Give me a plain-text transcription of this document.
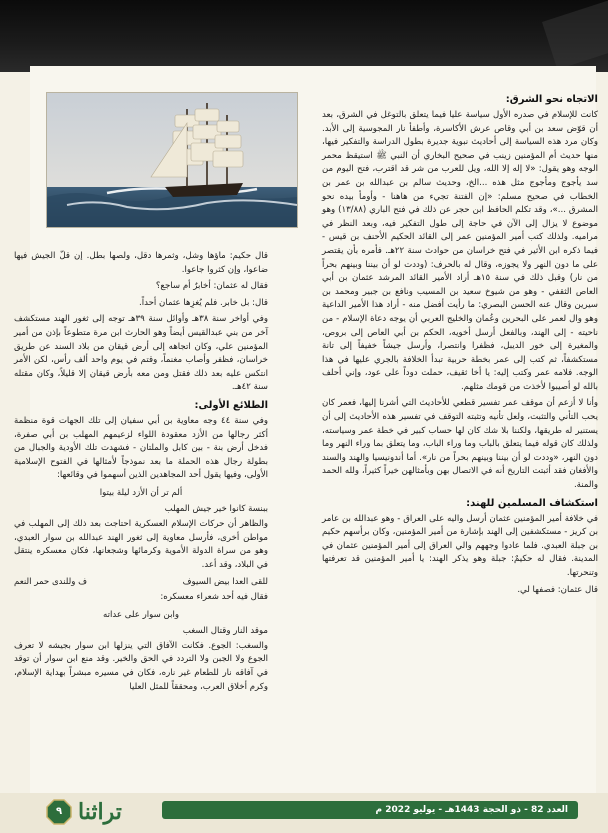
الاتجاه نحو الشرق:

كانت للإسلام في صدره الأول سياسة عليا فيما يتعلق بالتوغل في الشرق، بعد أن قوّض سعد بن أبي وقاص عرش الأكاسرة، وأطفأ نار المجوسية إلى الأبد. وكان مرد هذه السياسة إلى أحاديث نبوية جديرة بطول الدراسة والتفكير فيها، منها حديث أم المؤمنين زينب في صحيح البخاري أن النبي ﷺ استيقظ محمر الوجه وهو يقول: «لا إله إلا الله، ويل للعرب من شر قد اقترب، فتح اليوم من سد يأجوج ومأجوج مثل هذه ...الخ، وحديث سالم بن عبدالله بن عمر بن الخطاب في صحيح مسلم: «إن الفتنة تجيء من هاهنا - وأومأ بيده نحو المشرق ...»، وقد تكلم الحافظ ابن حجر عن ذلك في فتح الباري (١٣/٨٨) وهو موضوع لا يزال إلى الآن في حاجة إلى طول التفكير فيه، وبعد النظر في مراميه. ولذلك كتب أمير المؤمنين عمر إلى القائد الحكيم الأحنف بن قيس - فيما ذكره ابن الأثير في فتح خراسان من حوادث سنة ٢٢هـ. فأمره بأن يقتصر على ما دون النهر ولا يجوزه، وقال له بالحرف: (وددت لو أن بيننا وبينهم بحراً من نار) وقبل ذلك في سنة ١٥هـ أراد الأمير القائد المرشد عثمان بن أبي العاص الثقفي - وهو من شيوخ سعيد بن المسيب ونافع بن جبير ومحمد بن سيرين وقال عنه الحسن البصري: ما رأيت أفضل منه - أراد هذا الأمير الداعية وهو وال لعمر على البحرين وعُمان والخليج العربي أن يوجه دعاة الإسلام - من ناحيته - إلى الهند، وبالفعل أرسل أخويه، الحكم بن أبي العاص إلى بروص، والمغيرة إلى خور الديبل، فظفرا وانتصرا، وأرسل جيشاً خفيفاً إلى تانة مستكشفاً، ثم كتب إلى عمر بخطة حربية تبدأ الخلافة بالجري عليها في هذا الوجه. فلامه عمر وكتب إليه: يا أخا ثقيف، حملت دوداً على عود، وإني أحلف بالله لو أصيبوا لأخذت من قومك مثلهم.

وأنا لا أزعم أن موقف عمر تفسير قطعي للأحاديث التي أشرنا إليها، فعمر كان يحب التأني والتثبت، ولعل تأنيه وتثبته التوقف في تفسير هذه الأحاديث إلى أن يستنير له طريقها، ولكننا بلا شك كان لها حساب كبير في خطة عمر وسياسته، ولذلك كان قوله فيما يتعلق بالباب وما وراء الباب، وما يتعلق بما وراء النهر وما دون النهر، «وددت لو أن بيننا وبينهم بحراً من نار». أما أندونيسيا والهند والسند والأفغان فقد أثبتت التاريخ أنه في الاتصال بهن وبأمثالهن خيراً كثيراً، ولله الحمد والمنة.

استكشاف المسلمين للهند:

في خلافة أمير المؤمنين عثمان أرسل واليه على العراق - وهو عبدالله بن عامر بن كريز - مستكشفين إلى الهند بإشارة من أمير المؤمنين، وكان برأسهم حكيم بن جبلة العبدي. فلما عادوا وجههم والي العراق إلى أمير المؤمنين عثمان في المدينة. فقال له حكيمٌ: جبلة وهو يذكر الهند: يا أمير المؤمنين قد تعرفتها وتنحرتها.

قال عثمان: فصفها لي.

قال حكيم: ماؤها وشل، وثمرها دقل، ولصها بطل. إن قلّ الجيش فيها ضاعوا، وإن كثروا جاعوا.

فقال له عثمان: أخابرٌ أم ساجع؟

قال: بل خابر. فلم يُغزِها عثمان أحداً.

وفي أواخر سنة ٣٨هـ وأوائل سنة ٣٩هـ توجه إلى ثغور الهند مستكشف آخر من بني عبدالقيس أيضاً وهو الحارث ابن مرة متطوعاً بإذن من أمير المؤمنين علي، وكان اتجاهه إلى أرض قيقان من بلاد السند عن طريق خراسان، فظفر وأصاب مغنماً، وقتم في يوم واحد ألف رأس، لكن الأمر انتكس عليه بعد ذلك فقتل ومن معه بأرض قيقان إلا قليلاً، وكان مقتله سنة ٤٢هـ.

الطلائع الأولى:

وفي سنة ٤٤ وجه معاوية بن أبي سفيان إلى تلك الجهات قوة منظمة أكثر رجالها من الأزد معقودة اللواء لزعيمهم المهلب بن أبي صفرة، فدخل أرض بنة - بين كابل والملتان - فشهدت تلك الأودية والجبال من بطولة رجال هذه الحملة ما بعد نموذجاً لأمثالها في الفتوح الإسلامية الأولى، وفيها يقول أحد المجاهدين الذين أسهموا في وقائعها:

ألم تر أن الأزد ليلة بيتوا
ببنسة كانوا خير جيش المهلب

والظاهر أن حركات الإسلام العسكرية احتاجت بعد ذلك إلى المهلب في مواطن أخرى، فأرسل معاوية إلى ثغور الهند عبدالله بن سوار العبدي، وهو من سراة الدولة الأموية وكرمائها وشجعانها، فكان معسكره ينتقل في البلاد، وقد أعد.

للقى العدا بيض السيوف
ف وللندى حمر النعم

فقال فيه أحد شعراء معسكره:

وابن سوار على عداته
موقد النار وقتال السغب

والسغب: الجوع. فكانت الآفاق التي ينزلها ابن سوار بجيشه لا تعرف الجوع ولا الجبن ولا التردد في الحق والخير. وقد منع ابن سوار أن توقد في آفاقه نار للطعام غير ناره، فكان في مسيره مبشراً بهداية الإسلام، وكرم أخلاق العرب، ومحققاً للمثل العليا

العدد 82 - ذو الحجة 1443هـ - يوليو 2022 م
٩ تراثنا
